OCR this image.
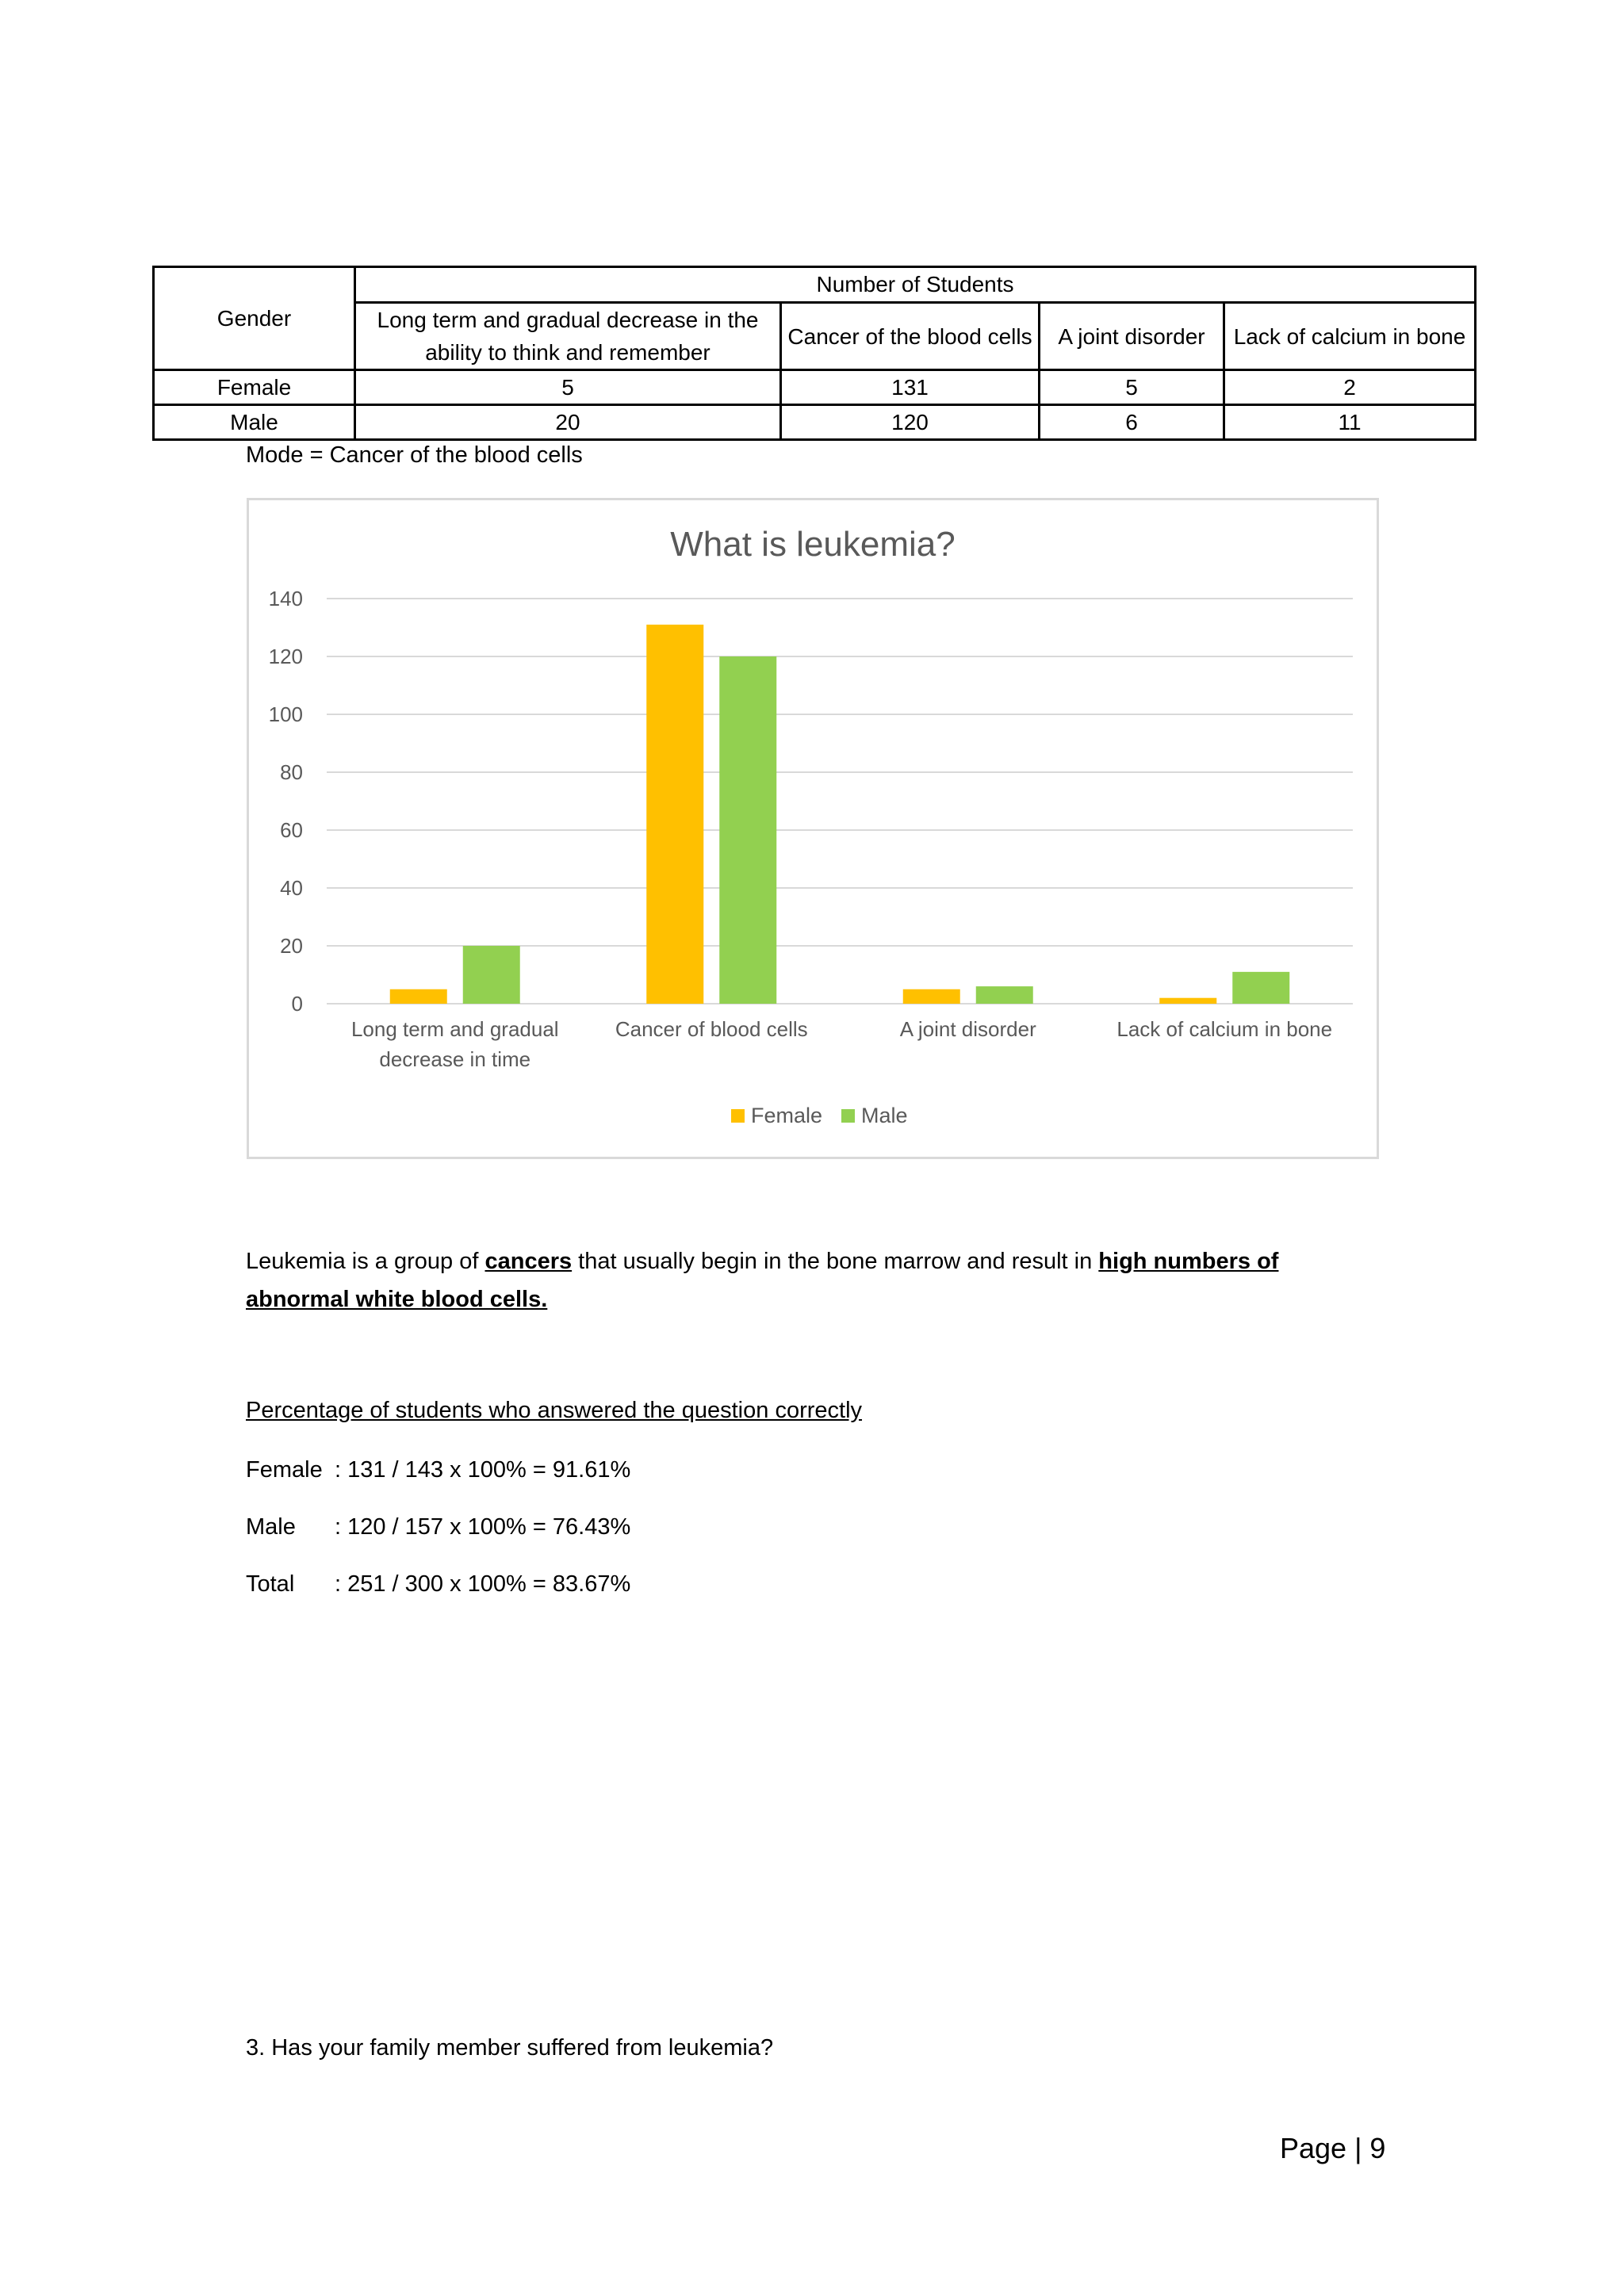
Gender	Number of Students			
	Long term and gradual decrease in the ability to think and remember	Cancer of the blood cells	A joint disorder	Lack of calcium in bone
Female	5	131	5	2
Male	20	120	6	11
Mode = Cancer of the blood cells
What is leukemia?
0
20
40
60
80
100
120
140
Long term and gradual decrease in time
Cancer of blood cells	A joint disorder	Lack of calcium in bone
Female Male
Leukemia is a group of cancers that usually begin in the bone marrow and result in high numbers of abnormal white blood cells.
Percentage of students who answered the question correctly
Female : 131 / 143 x 100% = 91.61%
Male : 120 / 157 x 100% = 76.43%
Total : 251 / 300 x 100% = 83.67%
3. Has your family member suffered from leukemia?
Page | 9
